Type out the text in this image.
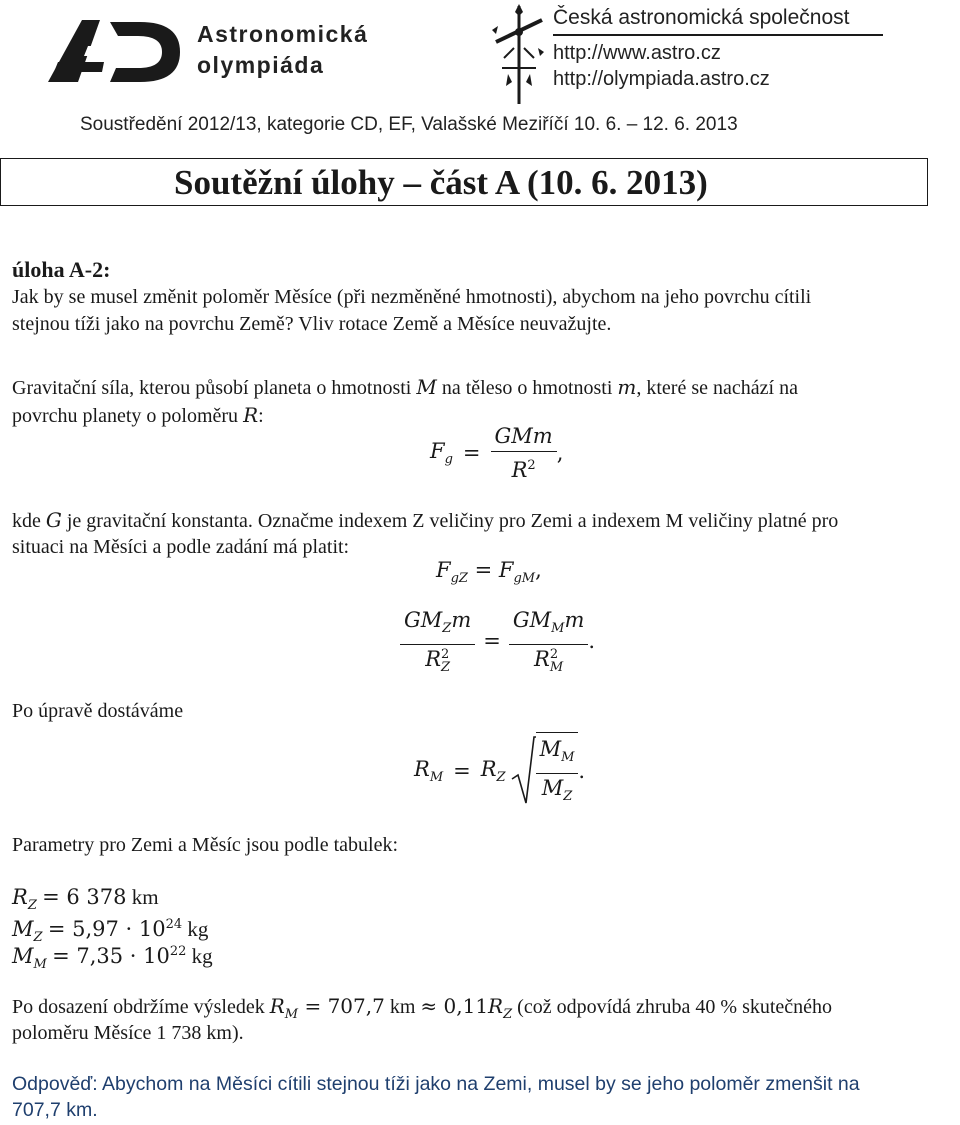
Astronomická
olympiáda
Česká astronomická společnost
http://www.astro.cz
http://olympiada.astro.cz
Soustředění 2012/13, kategorie CD, EF, Valašské Meziříčí 10. 6. – 12. 6. 2013
Soutěžní úlohy – část A (10. 6. 2013)
úloha A-2:
Jak by se musel změnit poloměr Měsíce (při nezměněné hmotnosti), abychom na jeho povrchu cítili
stejnou tíži jako na povrchu Země? Vliv rotace Země a Měsíce neuvažujte.
Gravitační síla, kterou působí planeta o hmotnosti M na těleso o hmotnosti m, které se nachází na
povrchu planety o poloměru R:
$F_g = \frac{\text{GMm}}{R^2}$ ,
kde G je gravitační konstanta. Označme indexem Z veličiny pro Zemi a indexem M veličiny platné pro
situaci na Měsíci a podle zadání má platit:
$F_{gZ} = F_{gM}$,
$GM_Zm$
R 2
$Z = GM_Mm$
R 2
M .
Po úpravě dostáváme
$R_M = R_Z \frac{M_M}{M_Z}$ .
Parametry pro Zemi a Měsíc jsou podle tabulek:
$R_Z = 6$ 378 km
$M_Z = 5,97 \cdot 10^{24}$ kg
$M_M = 7,35 \cdot 10^{22}$ kg
Po dosazení obdržíme výsledek $R_M = 707,7$ km ≈ $0,11R_Z$ (což odpovídá zhruba 40 % skutečného
poloměru Měsíce 1 738 km).
Odpověď: Abychom na Měsíci cítili stejnou tíži jako na Zemi, musel by se jeho poloměr zmenšit na
707,7 km.
